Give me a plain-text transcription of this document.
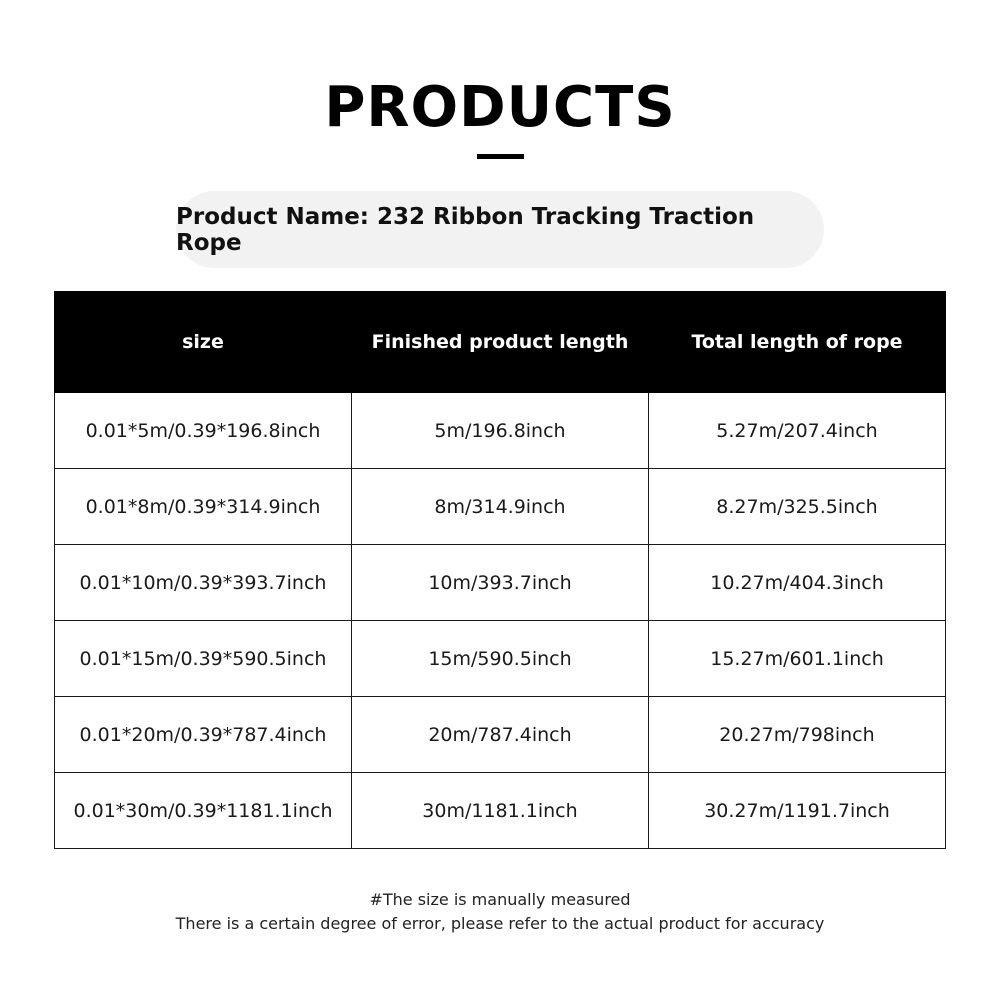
PRODUCTS
Product Name: 232 Ribbon Tracking Traction Rope
size	Finished product length	Total length of rope
0.01*5m/0.39*196.8inch	5m/196.8inch	5.27m/207.4inch
0.01*8m/0.39*314.9inch	8m/314.9inch	8.27m/325.5inch
0.01*10m/0.39*393.7inch	10m/393.7inch	10.27m/404.3inch
0.01*15m/0.39*590.5inch	15m/590.5inch	15.27m/601.1inch
0.01*20m/0.39*787.4inch	20m/787.4inch	20.27m/798inch
0.01*30m/0.39*1181.1inch	30m/1181.1inch	30.27m/1191.7inch
#The size is manually measured
There is a certain degree of error, please refer to the actual product for accuracy
